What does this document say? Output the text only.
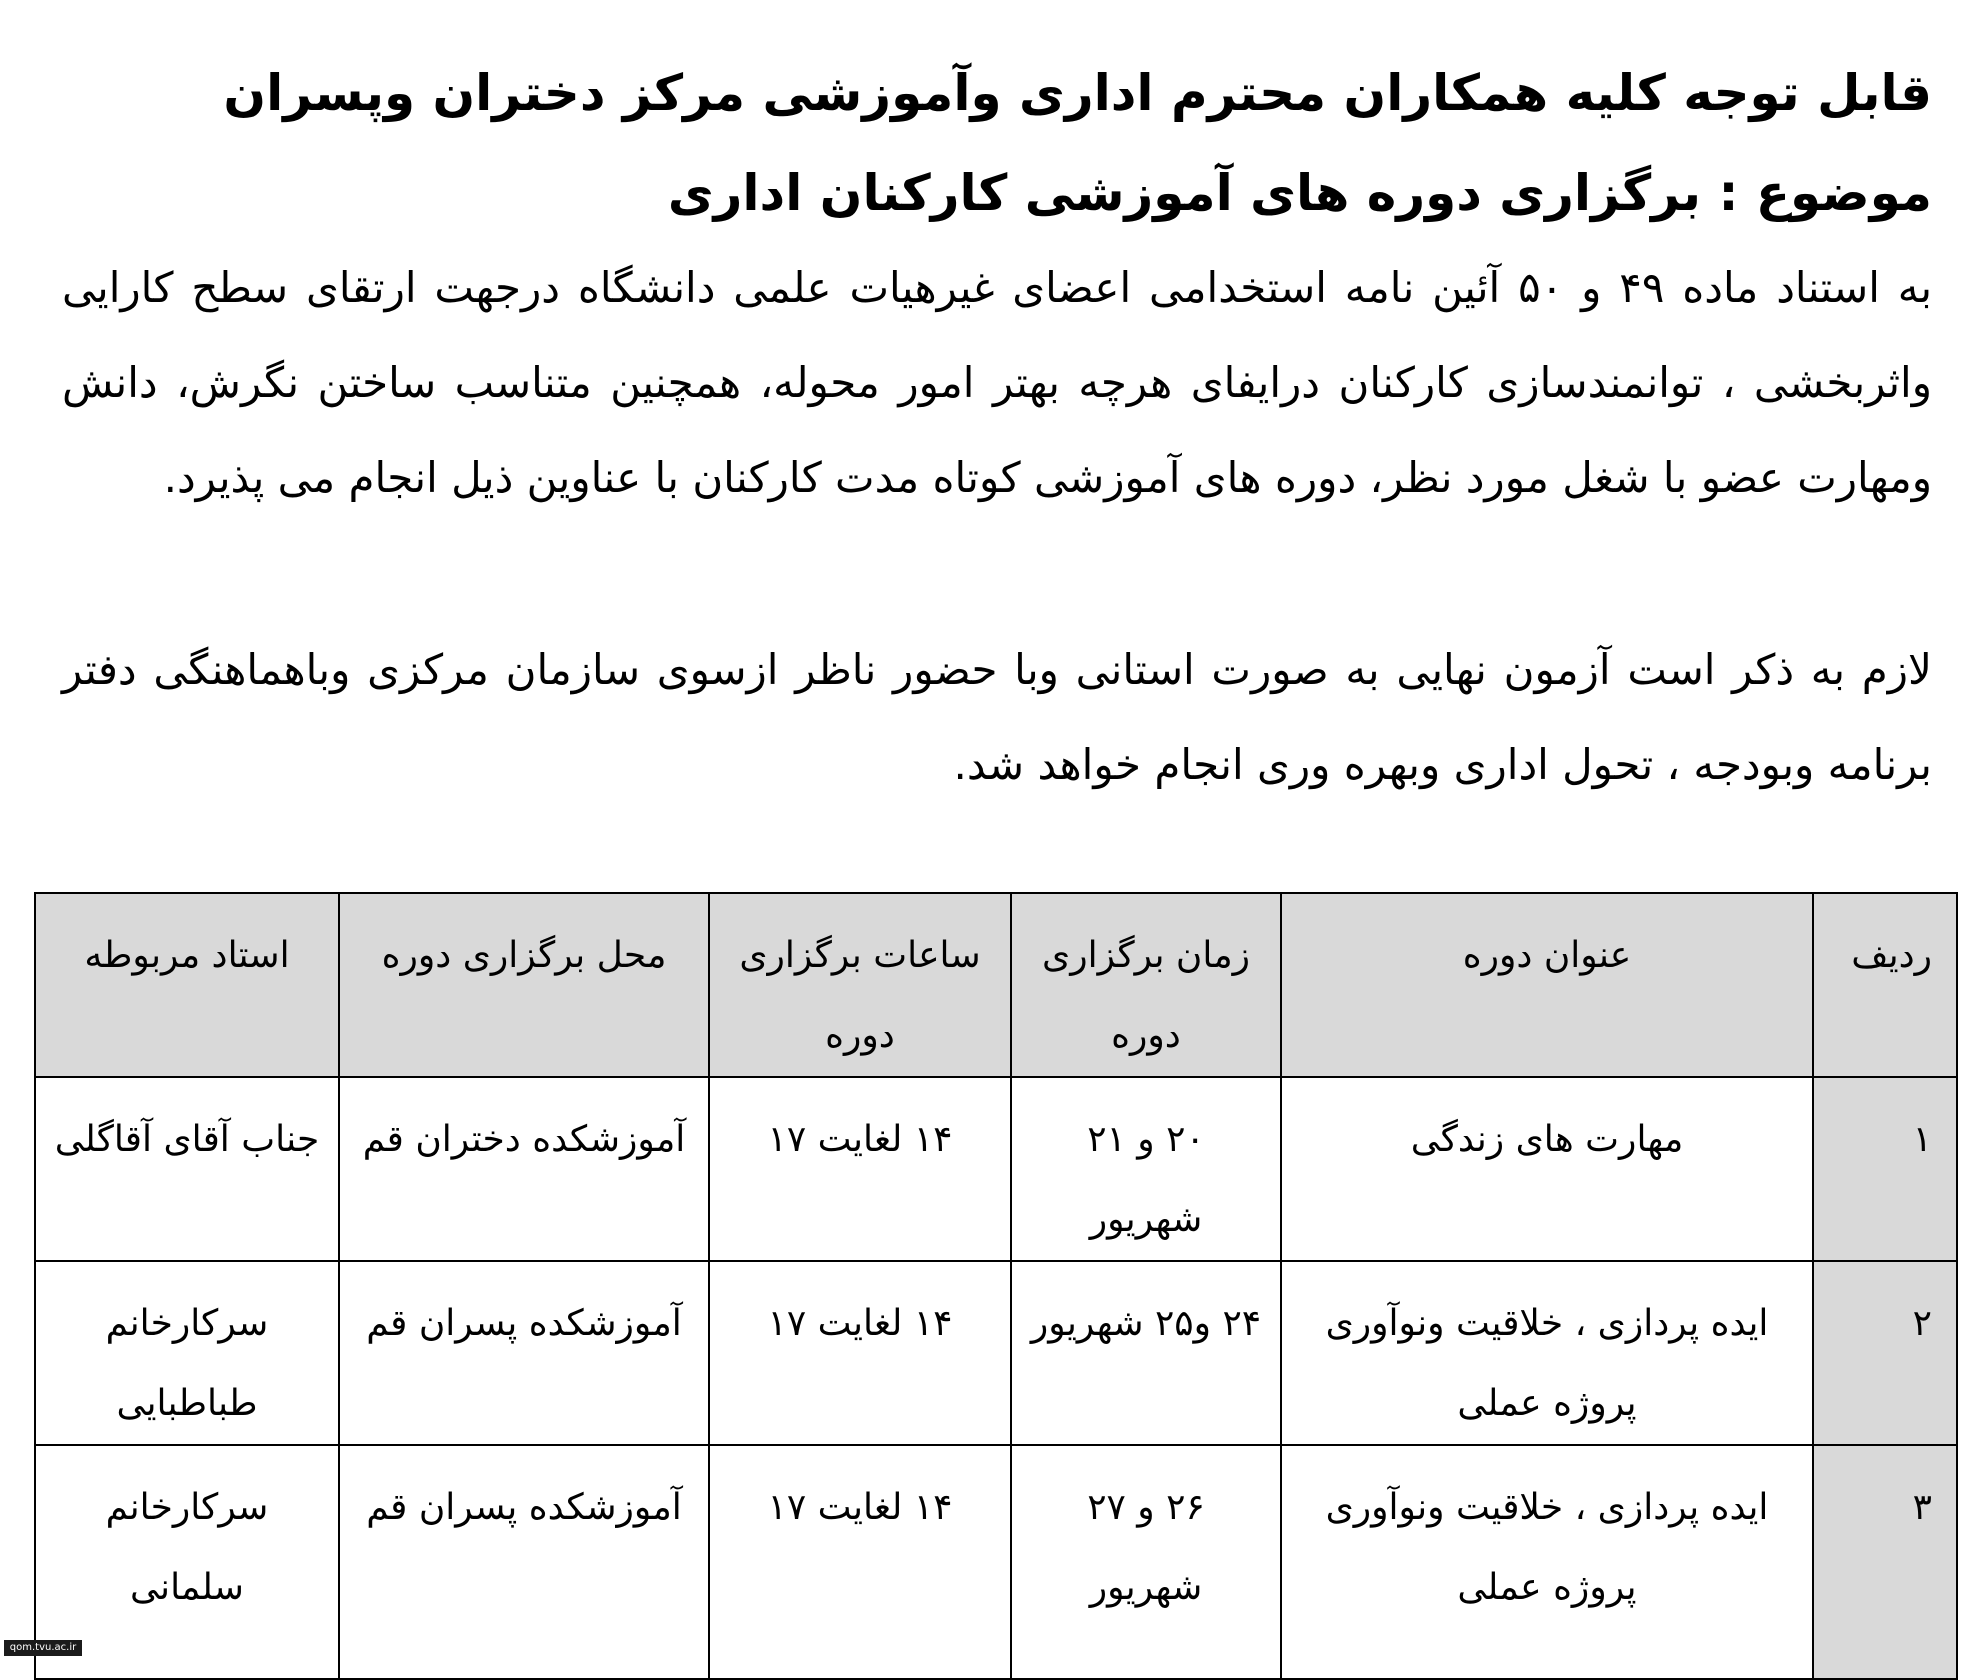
قابل توجه کلیه همکاران محترم اداری وآموزشی مرکز دختران وپسران
موضوع : برگزاری دوره های آموزشی کارکنان اداری
به استناد ماده ۴۹ و ۵۰ آئین نامه استخدامی اعضای غیرهیات علمی دانشگاه درجهت ارتقای سطح کارایی واثربخشی ، توانمندسازی کارکنان درایفای هرچه بهتر امور محوله، همچنین متناسب ساختن نگرش، دانش ومهارت عضو با شغل مورد نظر، دوره های آموزشی کوتاه مدت کارکنان با عناوین ذیل انجام می پذیرد.
لازم به ذکر است آزمون نهایی به صورت استانی وبا حضور ناظر ازسوی سازمان مرکزی وباهماهنگی دفتر برنامه وبودجه ، تحول اداری وبهره وری انجام خواهد شد.
ردیف	عنوان دوره	زمان برگزاری دوره	ساعات برگزاری دوره	محل برگزاری دوره	استاد مربوطه
۱	مهارت های زندگی	۲۰ و ۲۱ شهریور	۱۴ لغایت ۱۷	آموزشکده دختران قم	جناب آقای آقاگلی
۲	ایده پردازی ، خلاقیت ونوآوری پروژه عملی	۲۴ و۲۵ شهریور	۱۴ لغایت ۱۷	آموزشکده پسران قم	سرکارخانم طباطبایی
۳	ایده پردازی ، خلاقیت ونوآوری پروژه عملی	۲۶ و ۲۷ شهریور	۱۴ لغایت ۱۷	آموزشکده پسران قم	سرکارخانم سلمانی
qom.tvu.ac.ir
